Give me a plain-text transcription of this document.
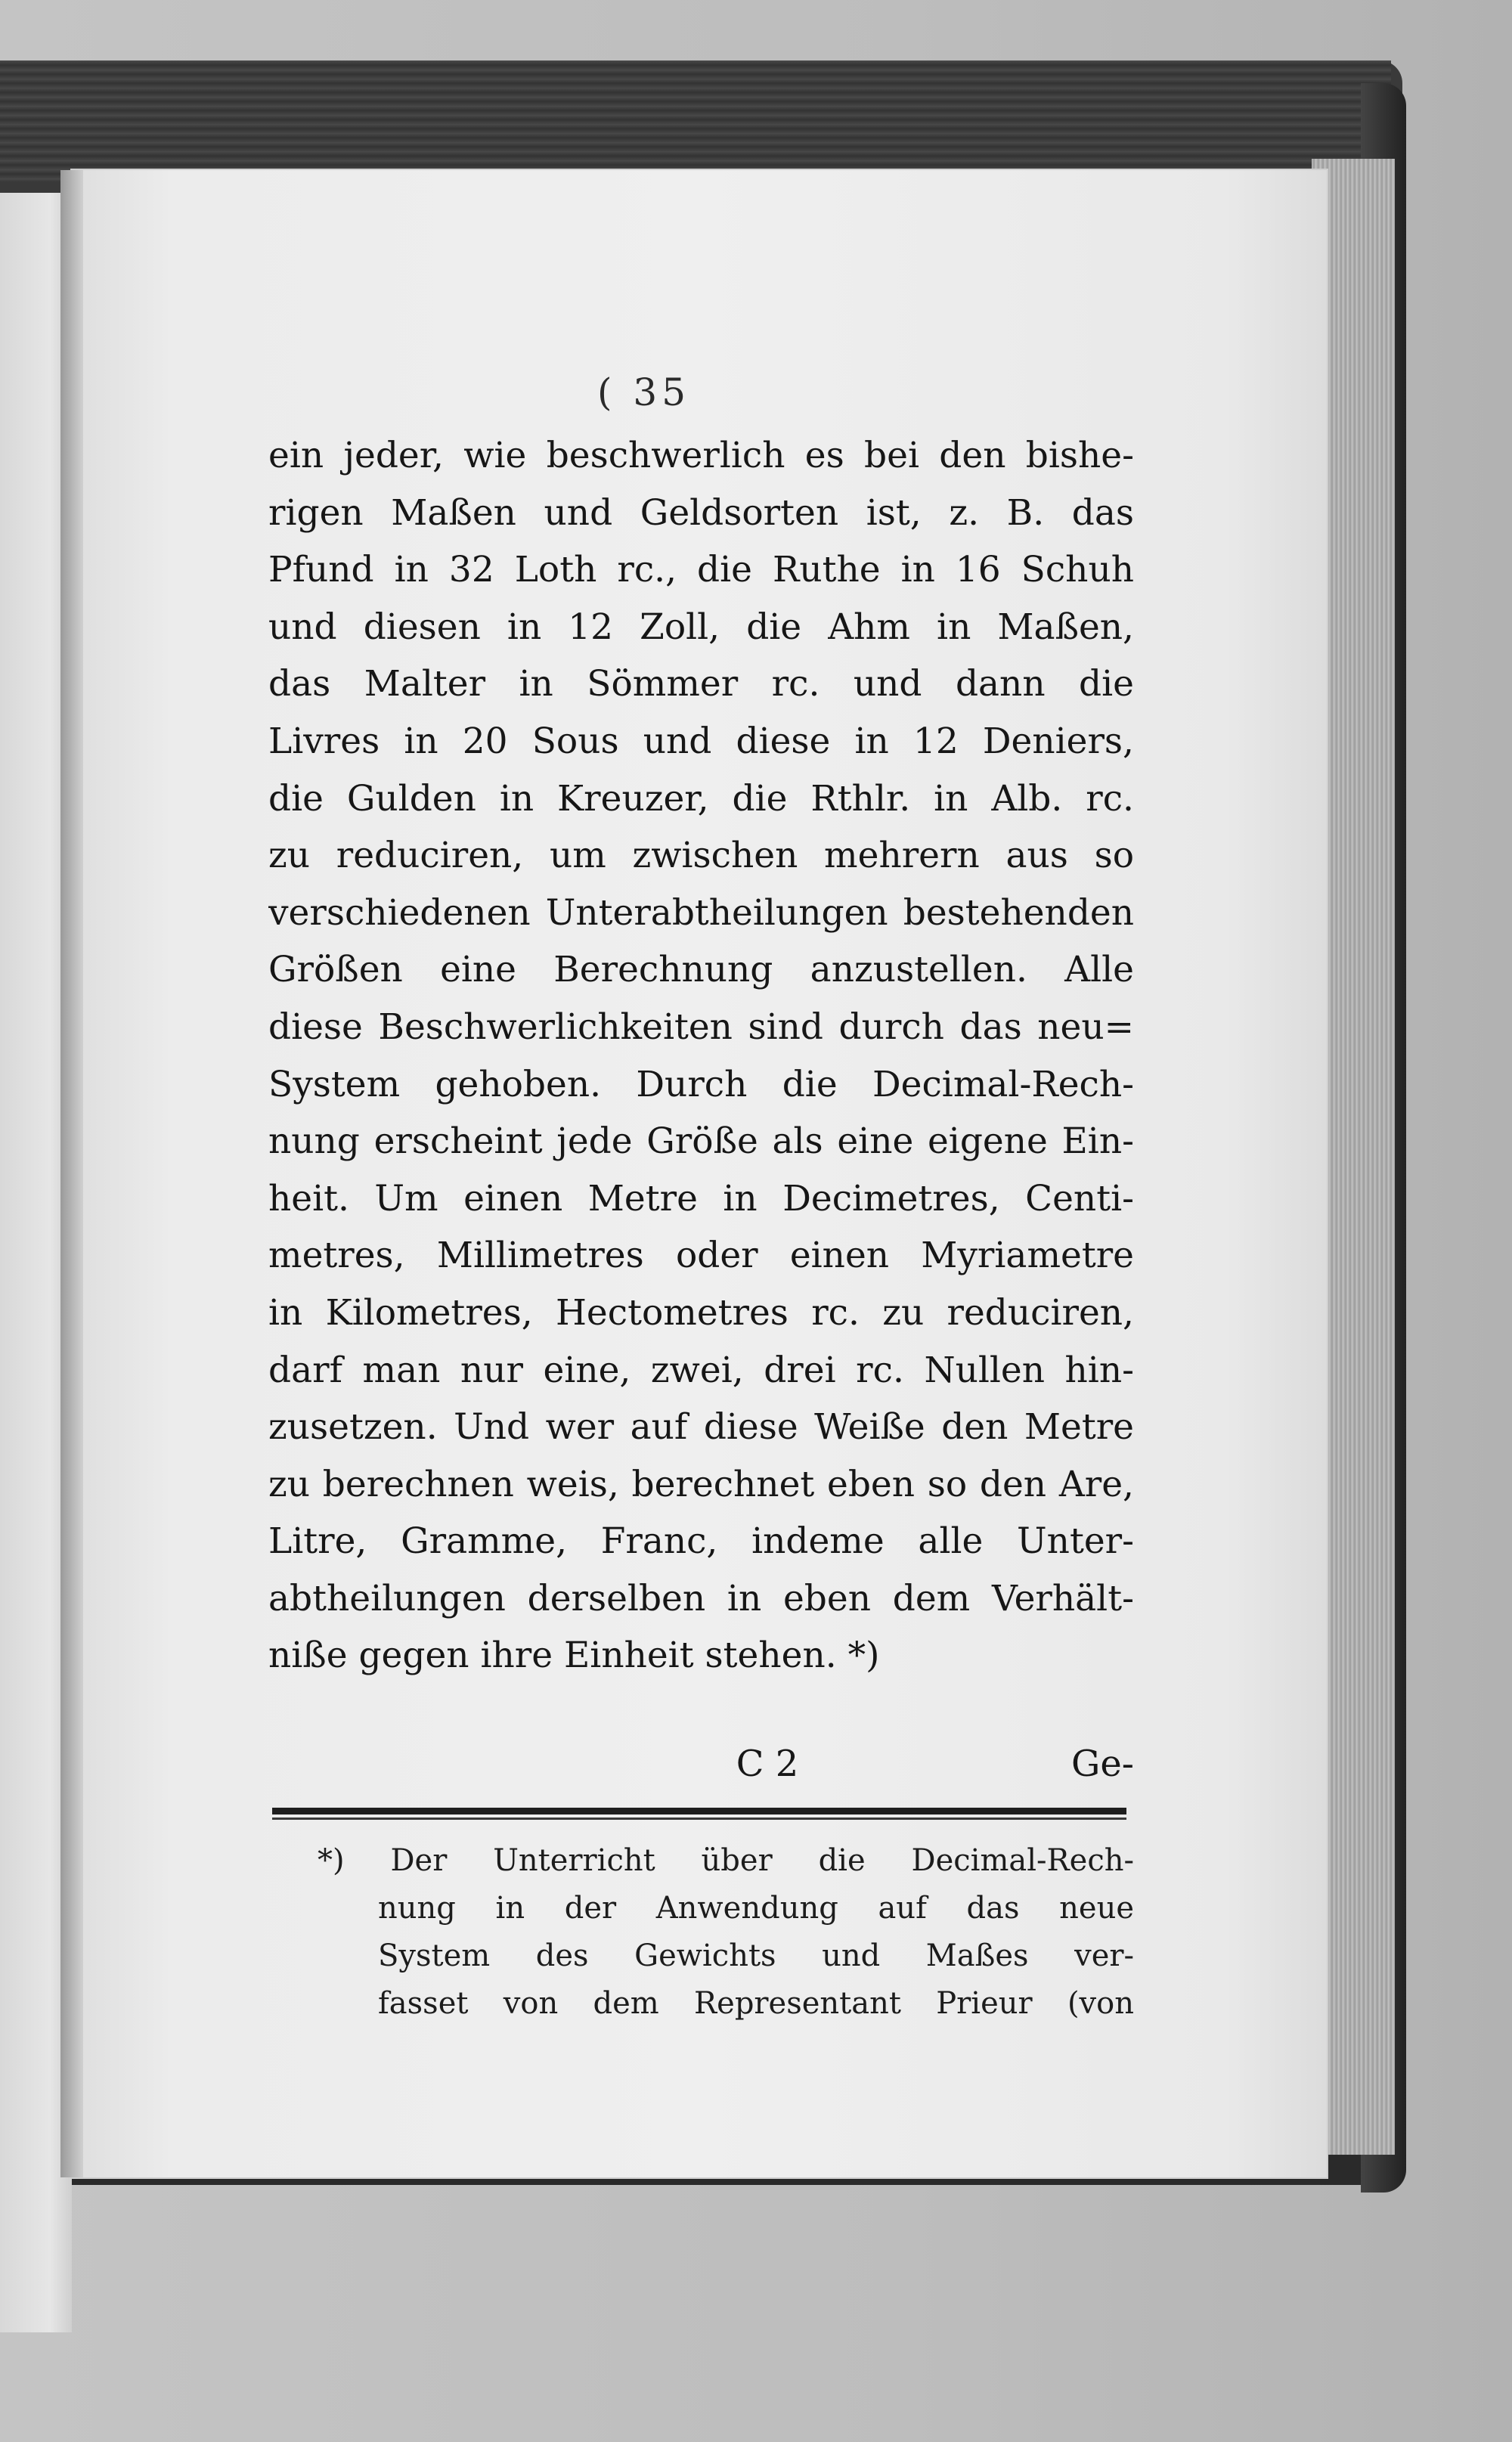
( 35
ein jeder, wie beschwerlich es bei den bishe-
rigen Maßen und Geldsorten ist, z. B. das
Pfund in 32 Loth rc., die Ruthe in 16 Schuh
und diesen in 12 Zoll, die Ahm in Maßen,
das Malter in Sömmer rc. und dann die
Livres in 20 Sous und diese in 12 Deniers,
die Gulden in Kreuzer, die Rthlr. in Alb. rc.
zu reduciren, um zwischen mehrern aus so
verschiedenen Unterabtheilungen bestehenden
Größen eine Berechnung anzustellen. Alle
diese Beschwerlichkeiten sind durch das neu=
System gehoben. Durch die Decimal-Rech-
nung erscheint jede Größe als eine eigene Ein-
heit. Um einen Metre in Decimetres, Centi-
metres, Millimetres oder einen Myriametre
in Kilometres, Hectometres rc. zu reduciren,
darf man nur eine, zwei, drei rc. Nullen hin-
zusetzen. Und wer auf diese Weiße den Metre
zu berechnen weis, berechnet eben so den Are,
Litre, Gramme, Franc, indeme alle Unter-
abtheilungen derselben in eben dem Verhält-
niße gegen ihre Einheit stehen. *)
C 2	Ge-
*) Der Unterricht über die Decimal-Rech-
nung in der Anwendung auf das neue
System des Gewichts und Maßes ver-
fasset von dem Representant Prieur (von
